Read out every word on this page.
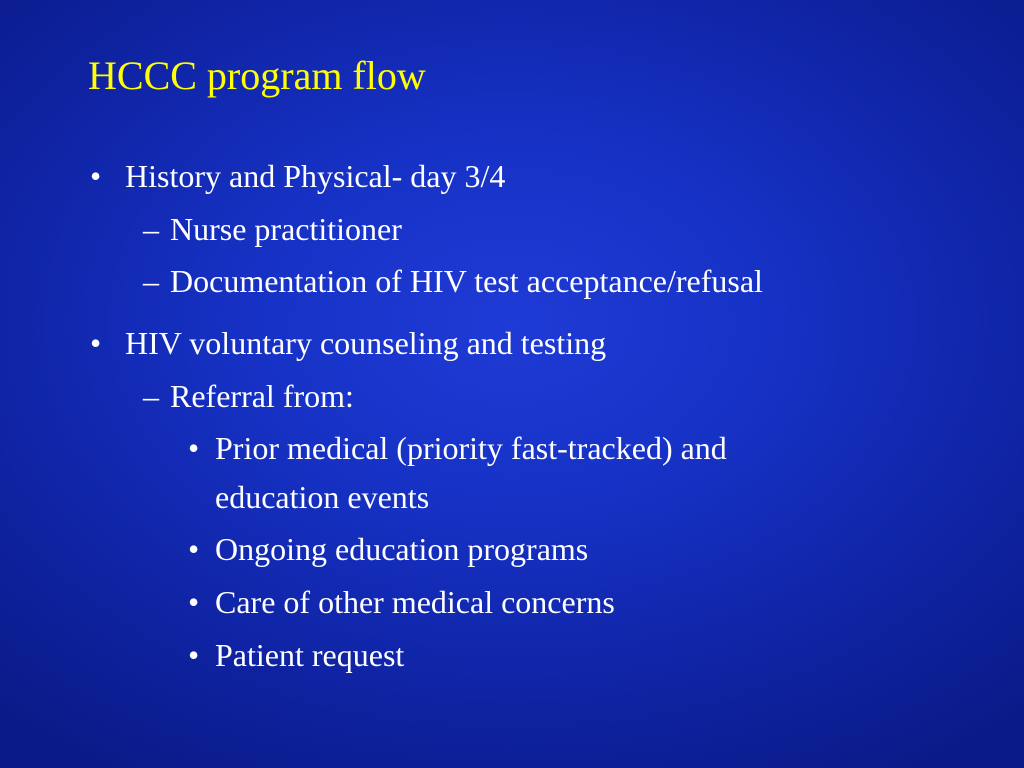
HCCC program flow
• History and Physical- day 3/4
– Nurse practitioner
– Documentation of HIV test acceptance/refusal
• HIV voluntary counseling and testing
– Referral from:
• Prior medical (priority fast-tracked) and
education events
• Ongoing education programs
• Care of other medical concerns
• Patient request
